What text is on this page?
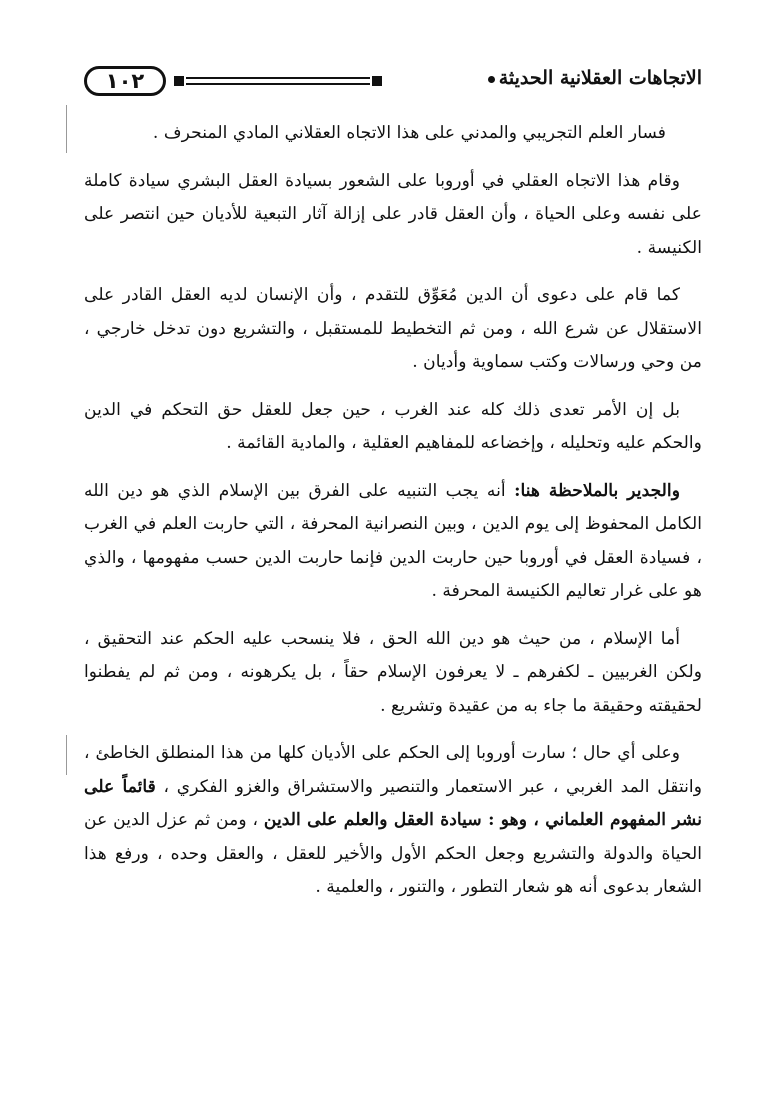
١٠٢	الاتجاهات العقلانية الحديثة

فسار العلم التجريبي والمدني على هذا الاتجاه العقلاني المادي المنحرف .

وقام هذا الاتجاه العقلي في أوروبا على الشعور بسيادة العقل البشري سيادة كاملة على نفسه وعلى الحياة ، وأن العقل قادر على إزالة آثار التبعية للأديان حين انتصر على الكنيسة .

كما قام على دعوى أن الدين مُعَوِّق للتقدم ، وأن الإنسان لديه العقل القادر على الاستقلال عن شرع الله ، ومن ثم التخطيط للمستقبل ، والتشريع دون تدخل خارجي ، من وحي ورسالات وكتب سماوية وأديان .

بل إن الأمر تعدى ذلك كله عند الغرب ، حين جعل للعقل حق التحكم في الدين والحكم عليه وتحليله ، وإخضاعه للمفاهيم العقلية ، والمادية القائمة .

والجدير بالملاحظة هنا: أنه يجب التنبيه على الفرق بين الإسلام الذي هو دين الله الكامل المحفوظ إلى يوم الدين ، وبين النصرانية المحرفة ، التي حاربت العلم في الغرب ، فسيادة العقل في أوروبا حين حاربت الدين فإنما حاربت الدين حسب مفهومها ، والذي هو على غرار تعاليم الكنيسة المحرفة .

أما الإسلام ، من حيث هو دين الله الحق ، فلا ينسحب عليه الحكم عند التحقيق ، ولكن الغربيين ـ لكفرهم ـ لا يعرفون الإسلام حقاً ، بل يكرهونه ، ومن ثم لم يفطنوا لحقيقته وحقيقة ما جاء به من عقيدة وتشريع .

وعلى أي حال ؛ سارت أوروبا إلى الحكم على الأديان كلها من هذا المنطلق الخاطئ ، وانتقل المد الغربي ، عبر الاستعمار والتنصير والاستشراق والغزو الفكري ، قائماً على نشر المفهوم العلماني ، وهو : سيادة العقل والعلم على الدين ، ومن ثم عزل الدين عن الحياة والدولة والتشريع وجعل الحكم الأول والأخير للعقل ، والعقل وحده ، ورفع هذا الشعار بدعوى أنه هو شعار التطور ، والتنور ، والعلمية .
